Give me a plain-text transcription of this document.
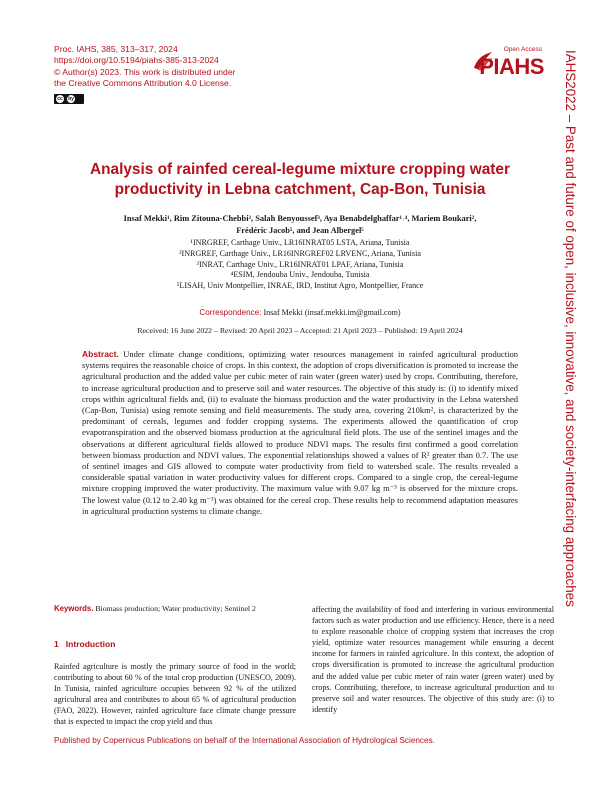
Proc. IAHS, 385, 313–317, 2024
https://doi.org/10.5194/piahs-385-313-2024
© Author(s) 2023. This work is distributed under
the Creative Commons Attribution 4.0 License.
cc by
Open Access
PIAHS IAHS2022 – Past and future of open, inclusive, innovative, and society-interfacing approaches
Analysis of rainfed cereal-legume mixture cropping water
productivity in Lebna catchment, Cap-Bon, Tunisia
Insaf Mekki¹, Rim Zitouna-Chebbi², Salah Benyoussef³, Aya Benabdelghaffar¹˒⁴, Mariem Boukari²,
Frédéric Jacob⁵, and Jean Albergel⁵
¹INRGREF, Carthage Univ., LR16INRAT05 LSTA, Ariana, Tunisia
²INRGREF, Carthage Univ., LR16INRGREF02 LRVENC, Ariana, Tunisia
³INRAT, Carthage Univ., LR16INRAT01 LPAF, Ariana, Tunisia
⁴ESIM, Jendouba Univ., Jendouba, Tunisia
⁵LISAH, Univ Montpellier, INRAE, IRD, Institut Agro, Montpellier, France
Correspondence: Insaf Mekki (insaf.mekki.im@gmail.com)
Received: 16 June 2022 – Revised: 20 April 2023 – Accepted: 21 April 2023 – Published: 19 April 2024
Abstract. Under climate change conditions, optimizing water resources management in rainfed agricultural production systems requires the reasonable choice of crops. In this context, the adoption of crops diversification is promoted to increase the agricultural production and the added value per cubic meter of rain water (green water) used by crops. Contributing, therefore, to increase agricultural production and to preserve soil and water resources. The objective of this study is: (i) to identify mixed crops within agricultural fields and, (ii) to evaluate the biomass production and the water productivity in the Lebna watershed (Cap-Bon, Tunisia) using remote sensing and field measurements. The study area, covering 210km², is characterized by the predominant of cereals, legumes and fodder cropping systems. The experiments allowed the quantification of crop evapotranspiration and the observed biomass production at the agricultural field plots. The use of the sentinel images and the observations at different agricultural fields allowed to produce NDVI maps. The results first confirmed a good correlation between biomass production and NDVI values. The exponential relationships showed a values of R² greater than 0.7. The use of sentinel images and GIS allowed to compute water productivity from field to watershed scale. The results revealed a considerable spatial variation in water productivity values for different crops. Compared to a single crop, the cereal-legume mixture cropping improved the water productivity. The maximum value with 9.07 kg m⁻³ is observed for the mixture crops. The lowest value (0.12 to 2.40 kg m⁻³) was obtained for the cereal crop. These results help to recommend adaptation measures in agricultural production systems to climate change.
Keywords. Biomass production; Water productivity; Sentinel 2
1   Introduction
Rainfed agriculture is mostly the primary source of food in the world; contributing to about 60 % of the total crop production (UNESCO, 2009). In Tunisia, rainfed agriculture occupies between 92 % of the utilized agricultural area and contributes to about 65 % of agricultural production (FAO, 2022). However, rainfed agriculture face climate change pressure that is expected to impact the crop yield and thus
affecting the availability of food and interfering in various environmental factors such as water production and use efficiency. Hence, there is a need to explore reasonable choice of cropping system that increases the crop yield, optimize water resources management while ensuring a decent income for farmers in rainfed agriculture. In this context, the adoption of crops diversification is promoted to increase the agricultural production and the added value per cubic meter of rain water (green water) used by crops. Contributing, therefore, to increase agricultural production and to preserve soil and water resources. The objective of this study are: (i) to identify
Published by Copernicus Publications on behalf of the International Association of Hydrological Sciences.
